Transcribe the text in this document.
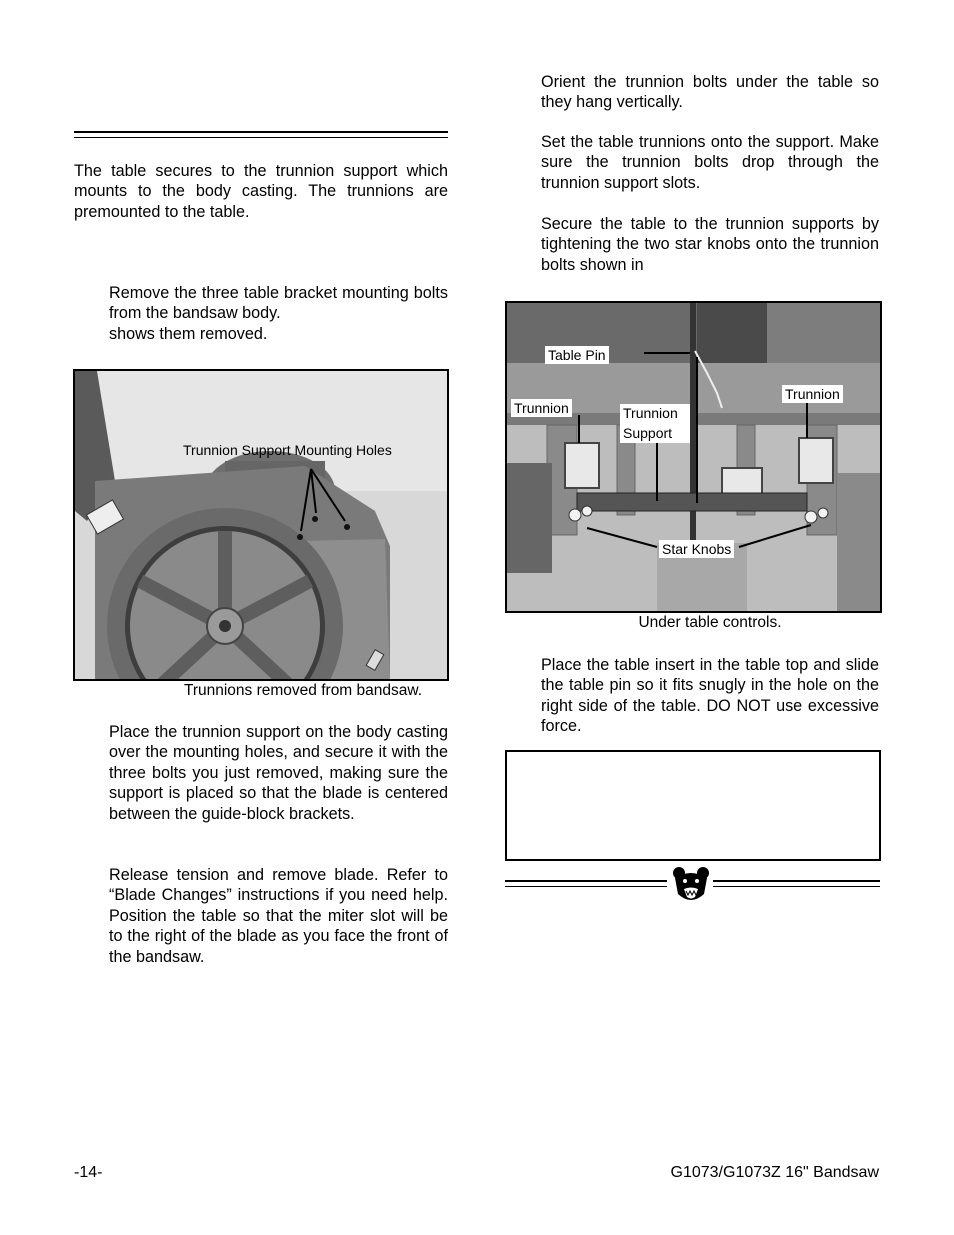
The table secures to the trunnion support which mounts to the body casting. The trunnions are premounted to the table.

Remove the three table bracket mounting bolts from the bandsaw body.
shows them removed.

Trunnion Support Mounting Holes
Trunnions removed from bandsaw.

Place the trunnion support on the body casting over the mounting holes, and secure it with the three bolts you just removed, making sure the support is placed so that the blade is centered between the guide-block brackets.

Release tension and remove blade. Refer to “Blade Changes” instructions if you need help. Position the table so that the miter slot will be to the right of the blade as you face the front of the bandsaw.

Orient the trunnion bolts under the table so they hang vertically.

Set the table trunnions onto the support. Make sure the trunnion bolts drop through the trunnion support slots.

Secure the table to the trunnion supports by tightening the two star knobs onto the trunnion bolts shown in

Table Pin
Trunnion	Trunnion Support
Trunnion
Star Knobs
Under table controls.

Place the table insert in the table top and slide the table pin so it fits snugly in the hole on the right side of the table. DO NOT use excessive force.

-14-	G1073/G1073Z 16" Bandsaw
